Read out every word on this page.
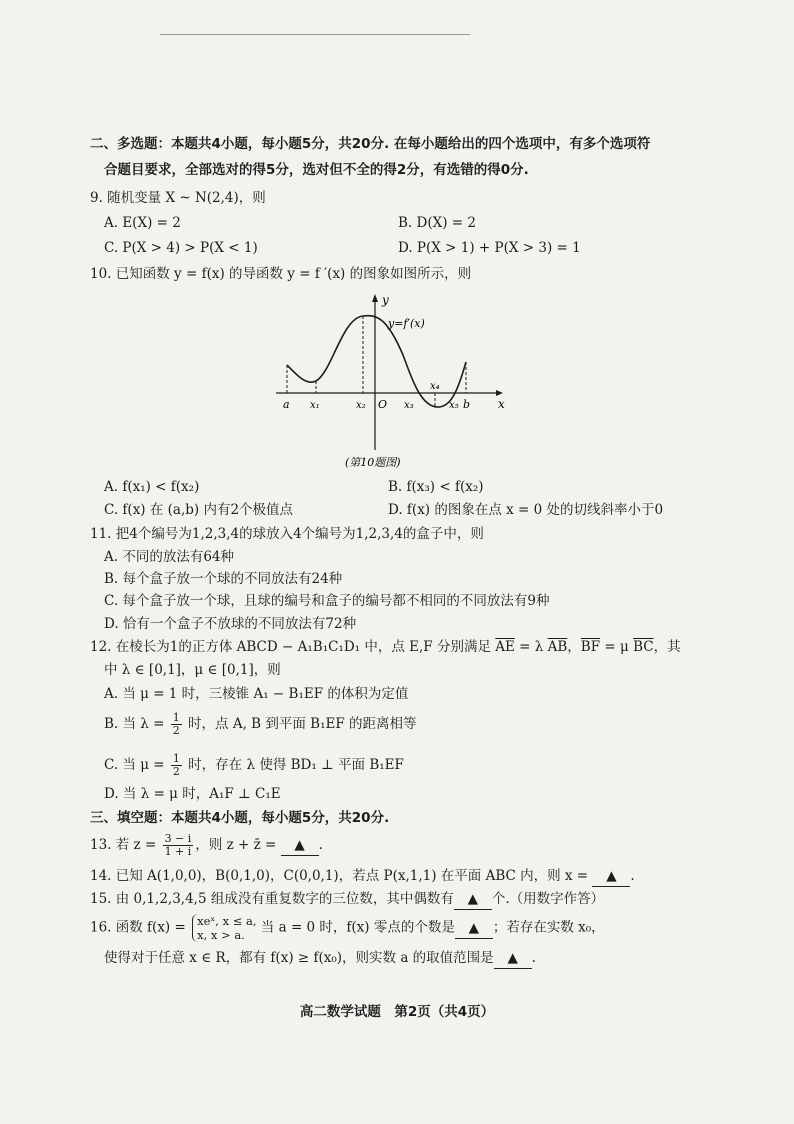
二、多选题：本题共4小题，每小题5分，共20分. 在每小题给出的四个选项中，有多个选项符
合题目要求，全部选对的得5分，选对但不全的得2分，有选错的得0分.
9. 随机变量 X ~ N(2,4)，则
A. E(X) = 2	B. D(X) = 2
C. P(X > 4) > P(X < 1)	D. P(X > 1) + P(X > 3) = 1
10. 已知函数 y = f(x) 的导函数 y = f ′(x) 的图象如图所示，则
y
x
y=f′(x)
O
a x₁	x₂	x₃
x₄
x₅ b
(第10题图)
A. f(x₁) < f(x₂)	B. f(x₃) < f(x₂)
C. f(x) 在 (a,b) 内有2个极值点	D. f(x) 的图象在点 x = 0 处的切线斜率小于0
11. 把4个编号为1,2,3,4的球放入4个编号为1,2,3,4的盒子中，则
A. 不同的放法有64种
B. 每个盒子放一个球的不同放法有24种
C. 每个盒子放一个球，且球的编号和盒子的编号都不相同的不同放法有9种
D. 恰有一个盒子不放球的不同放法有72种
12. 在棱长为1的正方体 ABCD − A₁B₁C₁D₁ 中，点 E,F 分别满足 $\overline{AE} = \lambda$ $\overline{AB}$，$\overline{BF} = \mu$ $\overline{BC}$，其
中 λ ∈ [0,1]，μ ∈ [0,1]，则
A. 当 μ = 1 时，三棱锥 A₁ − B₁EF 的体积为定值
B. 当 $\lambda = \frac{1}{2}$ 时，点 A, B 到平面 B₁EF 的距离相等
C. 当 $\mu = \frac{1}{2}$ 时，存在 λ 使得 BD₁ ⊥ 平面 B₁EF
D. 当 λ = μ 时，A₁F ⊥ C₁E
三、填空题：本题共4小题，每小题5分，共20分.
13. 若 $z = \frac{3 - i}{1 + i}$ ，则 z + z̄ = ▲ .
14. 已知 A(1,0,0)，B(0,1,0)，C(0,0,1)，若点 P(x,1,1) 在平面 ABC 内，则 x = ▲ .
15. 由 0,1,2,3,4,5 组成没有重复数字的三位数，其中偶数有 ▲ 个.（用数字作答）
16. 函数 f(x) = xeˣ, x ≤ a,
x, x > a. 当 a = 0 时，f(x) 零点的个数是 ▲ ；若存在实数 x₀，
使得对于任意 x ∈ R，都有 f(x) ≥ f(x₀)，则实数 a 的取值范围是 ▲ .
高二数学试题　第2页（共4页）
